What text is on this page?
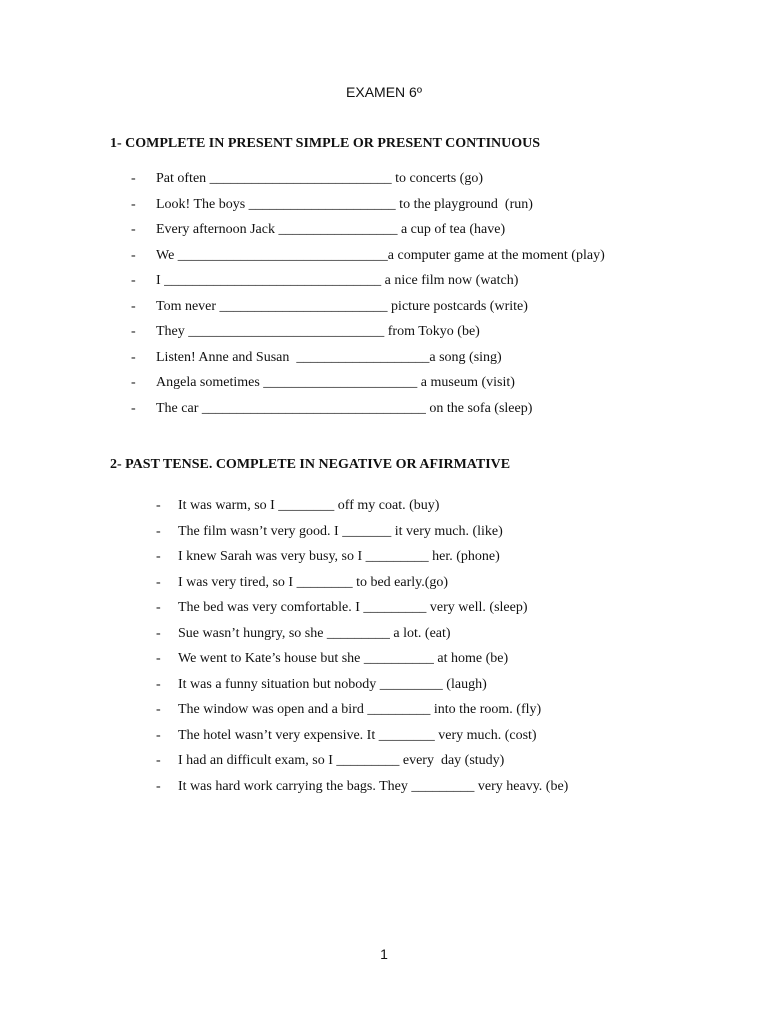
EXAMEN 6º
1- COMPLETE IN PRESENT SIMPLE OR PRESENT CONTINUOUS
- Pat often __________________________ to concerts (go)
- Look! The boys _____________________ to the playground  (run)
- Every afternoon Jack _________________ a cup of tea (have)
- We ______________________________a computer game at the moment (play)
- I _______________________________ a nice film now (watch)
- Tom never ________________________ picture postcards (write)
- They ____________________________ from Tokyo (be)
- Listen! Anne and Susan  ___________________a song (sing)
- Angela sometimes ______________________ a museum (visit)
- The car ________________________________ on the sofa (sleep)
2- PAST TENSE. COMPLETE IN NEGATIVE OR AFIRMATIVE
- It was warm, so I ________ off my coat. (buy)
- The film wasn’t very good. I _______ it very much. (like)
- I knew Sarah was very busy, so I _________ her. (phone)
- I was very tired, so I ________ to bed early.(go)
- The bed was very comfortable. I _________ very well. (sleep)
- Sue wasn’t hungry, so she _________ a lot. (eat)
- We went to Kate’s house but she __________ at home (be)
- It was a funny situation but nobody _________ (laugh)
- The window was open and a bird _________ into the room. (fly)
- The hotel wasn’t very expensive. It ________ very much. (cost)
- I had an difficult exam, so I _________ every  day (study)
- It was hard work carrying the bags. They _________ very heavy. (be)
1
